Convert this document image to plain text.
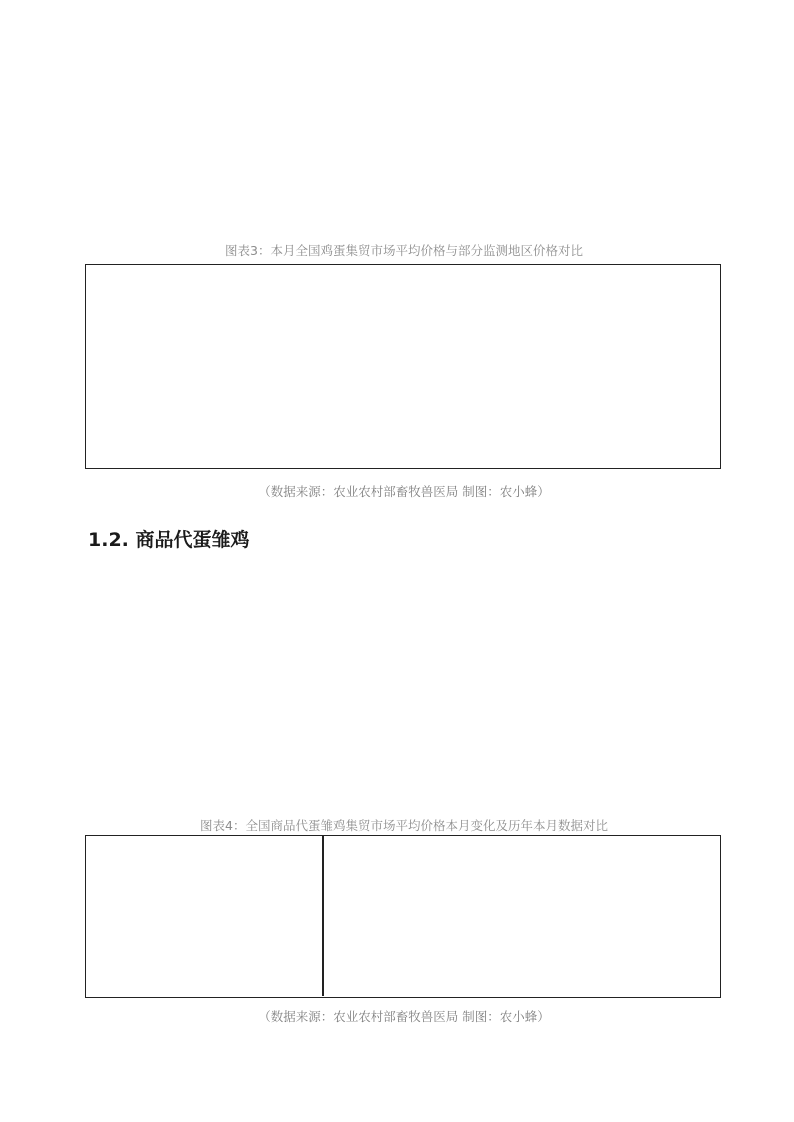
图表3：本月全国鸡蛋集贸市场平均价格与部分监测地区价格对比
（数据来源：农业农村部畜牧兽医局 制图：农小蜂）
1.2. 商品代蛋雏鸡

图表4：全国商品代蛋雏鸡集贸市场平均价格本月变化及历年本月数据对比
（数据来源：农业农村部畜牧兽医局 制图：农小蜂）
